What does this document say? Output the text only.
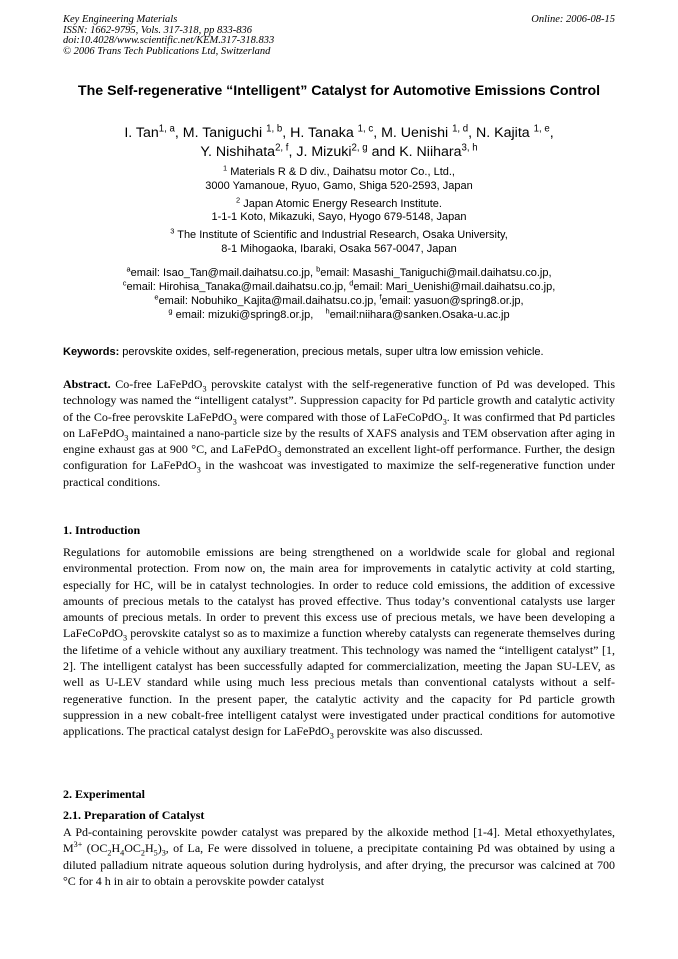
Key Engineering Materials
ISSN: 1662-9795, Vols. 317-318, pp 833-836
doi:10.4028/www.scientific.net/KEM.317-318.833
© 2006 Trans Tech Publications Ltd, Switzerland
Online: 2006-08-15
The Self-regenerative “Intelligent” Catalyst for Automotive Emissions Control
I. Tan$^{1, a}$, M. Taniguchi $^{1, b}$, H. Tanaka $^{1, c}$, M. Uenishi $^{1, d}$, N. Kajita $^{1, e}$,
Y. Nishihata$^{2, f}$, J. Mizuki$^{2, g}$ and K. Niihara$^{3, h}$

$^1$ Materials R & D div., Daihatsu motor Co., Ltd.,

3000 Yamanoue, Ryuo, Gamo, Shiga 520-2593, Japan

$^2$ Japan Atomic Energy Research Institute.

1-1-1 Koto, Mikazuki, Sayo, Hyogo 679-5148, Japan

$^3$ The Institute of Scientific and Industrial Research, Osaka University,

8-1 Mihogaoka, Ibaraki, Osaka 567-0047, Japan

$^a$email: Isao_Tan@mail.daihatsu.co.jp, $^b$email: Masashi_Taniguchi@mail.daihatsu.co.jp,

$^c$email: Hirohisa_Tanaka@mail.daihatsu.co.jp, $^d$email: Mari_Uenishi@mail.daihatsu.co.jp,

$^e$email: Nobuhiko_Kajita@mail.daihatsu.co.jp, $^f$email: yasuon@spring8.or.jp,

$^g$ email: mizuki@spring8.or.jp,    $^h$email:niihara@sanken.Osaka-u.ac.jp

Keywords: perovskite oxides, self-regeneration, precious metals, super ultra low emission vehicle.
Abstract. Co-free LaFePdO$_3$ perovskite catalyst with the self-regenerative function of Pd was developed. This technology was named the “intelligent catalyst”. Suppression capacity for Pd particle growth and catalytic activity of the Co-free perovskite LaFePdO$_3$ were compared with those of LaFeCoPdO$_3$. It was confirmed that Pd particles on LaFePdO$_3$ maintained a nano-particle size by the results of XAFS analysis and TEM observation after aging in engine exhaust gas at 900 °C, and LaFePdO$_3$ demonstrated an excellent light-off performance. Further, the design configuration for LaFePdO$_3$ in the washcoat was investigated to maximize the self-regenerative function under practical conditions.
1. Introduction
Regulations for automobile emissions are being strengthened on a worldwide scale for global and regional environmental protection. From now on, the main area for improvements in catalytic activity at cold starting, especially for HC, will be in catalyst technologies. In order to reduce cold emissions, the addition of excessive amounts of precious metals to the catalyst has proved effective. Thus today’s conventional catalysts use larger amounts of precious metals. In order to prevent this excess use of precious metals, we have been developing a LaFeCoPdO$_3$ perovskite catalyst so as to maximize a function whereby catalysts can regenerate themselves during the lifetime of a vehicle without any auxiliary treatment. This technology was named the “intelligent catalyst” [1, 2]. The intelligent catalyst has been successfully adapted for commercialization, meeting the Japan SU-LEV, as well as U-LEV standard while using much less precious metals than conventional catalysts without a self-regenerative function. In the present paper, the catalytic activity and the capacity for Pd particle growth suppression in a new cobalt-free intelligent catalyst were investigated under practical conditions for automotive applications. The practical catalyst design for LaFePdO$_3$ perovskite was also discussed.
2. Experimental
2.1. Preparation of Catalyst
A Pd-containing perovskite powder catalyst was prepared by the alkoxide method [1-4]. Metal ethoxyethylates, $M^{3+}$ $(OC_2H_4OC_2H_5)_3$, of La, Fe were dissolved in toluene, a precipitate containing Pd was obtained by using a diluted palladium nitrate aqueous solution during hydrolysis, and after drying, the precursor was calcined at 700 °C for 4 h in air to obtain a perovskite powder catalyst
